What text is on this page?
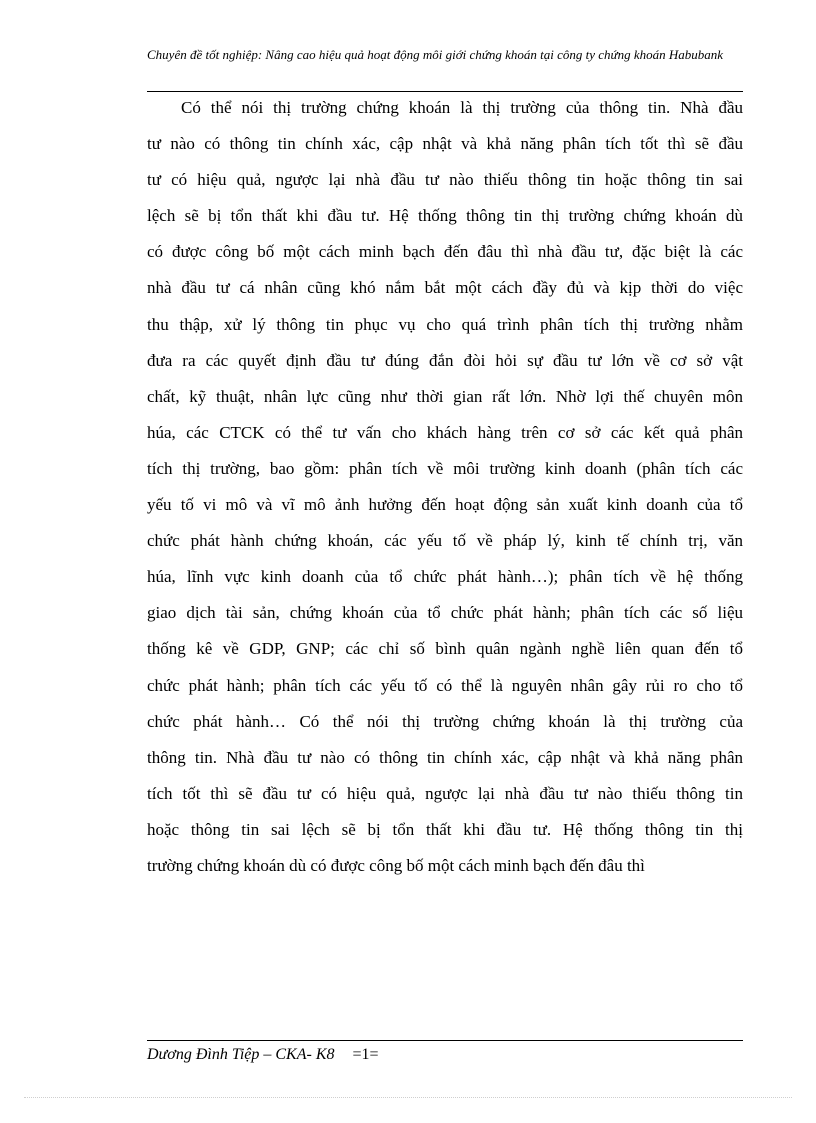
Chuyên đề tốt nghiệp: Nâng cao hiệu quả hoạt động môi giới chứng khoán tại công ty chứng khoán Habubank
Có thể nói thị trường chứng khoán là thị trường của thông tin. Nhà đầu
tư nào có thông tin chính xác, cập nhật và khả năng phân tích tốt thì sẽ đầu
tư có hiệu quả, ngược lại nhà đầu tư nào thiếu thông tin hoặc thông tin sai
lệch sẽ bị tổn thất khi đầu tư. Hệ thống thông tin thị trường chứng khoán dù
có được công bố một cách minh bạch đến đâu thì nhà đầu tư, đặc biệt là các
nhà đầu tư cá nhân cũng khó nắm bắt một cách đầy đủ và kịp thời do việc
thu thập, xử lý thông tin phục vụ cho quá trình phân tích thị trường nhằm
đưa ra các quyết định đầu tư đúng đắn đòi hỏi sự đầu tư lớn về cơ sở vật
chất, kỹ thuật, nhân lực cũng như thời gian rất lớn. Nhờ lợi thế chuyên môn
húa, các CTCK có thể tư vấn cho khách hàng trên cơ sở các kết quả phân
tích thị trường, bao gồm: phân tích về môi trường kinh doanh (phân tích các
yếu tố vi mô và vĩ mô ảnh hưởng đến hoạt động sản xuất kinh doanh của tổ
chức phát hành chứng khoán, các yếu tố về pháp lý, kinh tế chính trị, văn
húa, lĩnh vực kinh doanh của tổ chức phát hành…); phân tích về hệ thống
giao dịch tài sản, chứng khoán của tổ chức phát hành; phân tích các số liệu
thống kê về GDP, GNP; các chỉ số bình quân ngành nghề liên quan đến tổ
chức phát hành; phân tích các yếu tố có thể là nguyên nhân gây rủi ro cho tổ
chức phát hành… Có thể nói thị trường chứng khoán là thị trường của
thông tin. Nhà đầu tư nào có thông tin chính xác, cập nhật và khả năng phân
tích tốt thì sẽ đầu tư có hiệu quả, ngược lại nhà đầu tư nào thiếu thông tin
hoặc thông tin sai lệch sẽ bị tổn thất khi đầu tư. Hệ thống thông tin thị
trường chứng khoán dù có được công bố một cách minh bạch đến đâu thì
Dương Đình Tiệp – CKA- K8 =1=
